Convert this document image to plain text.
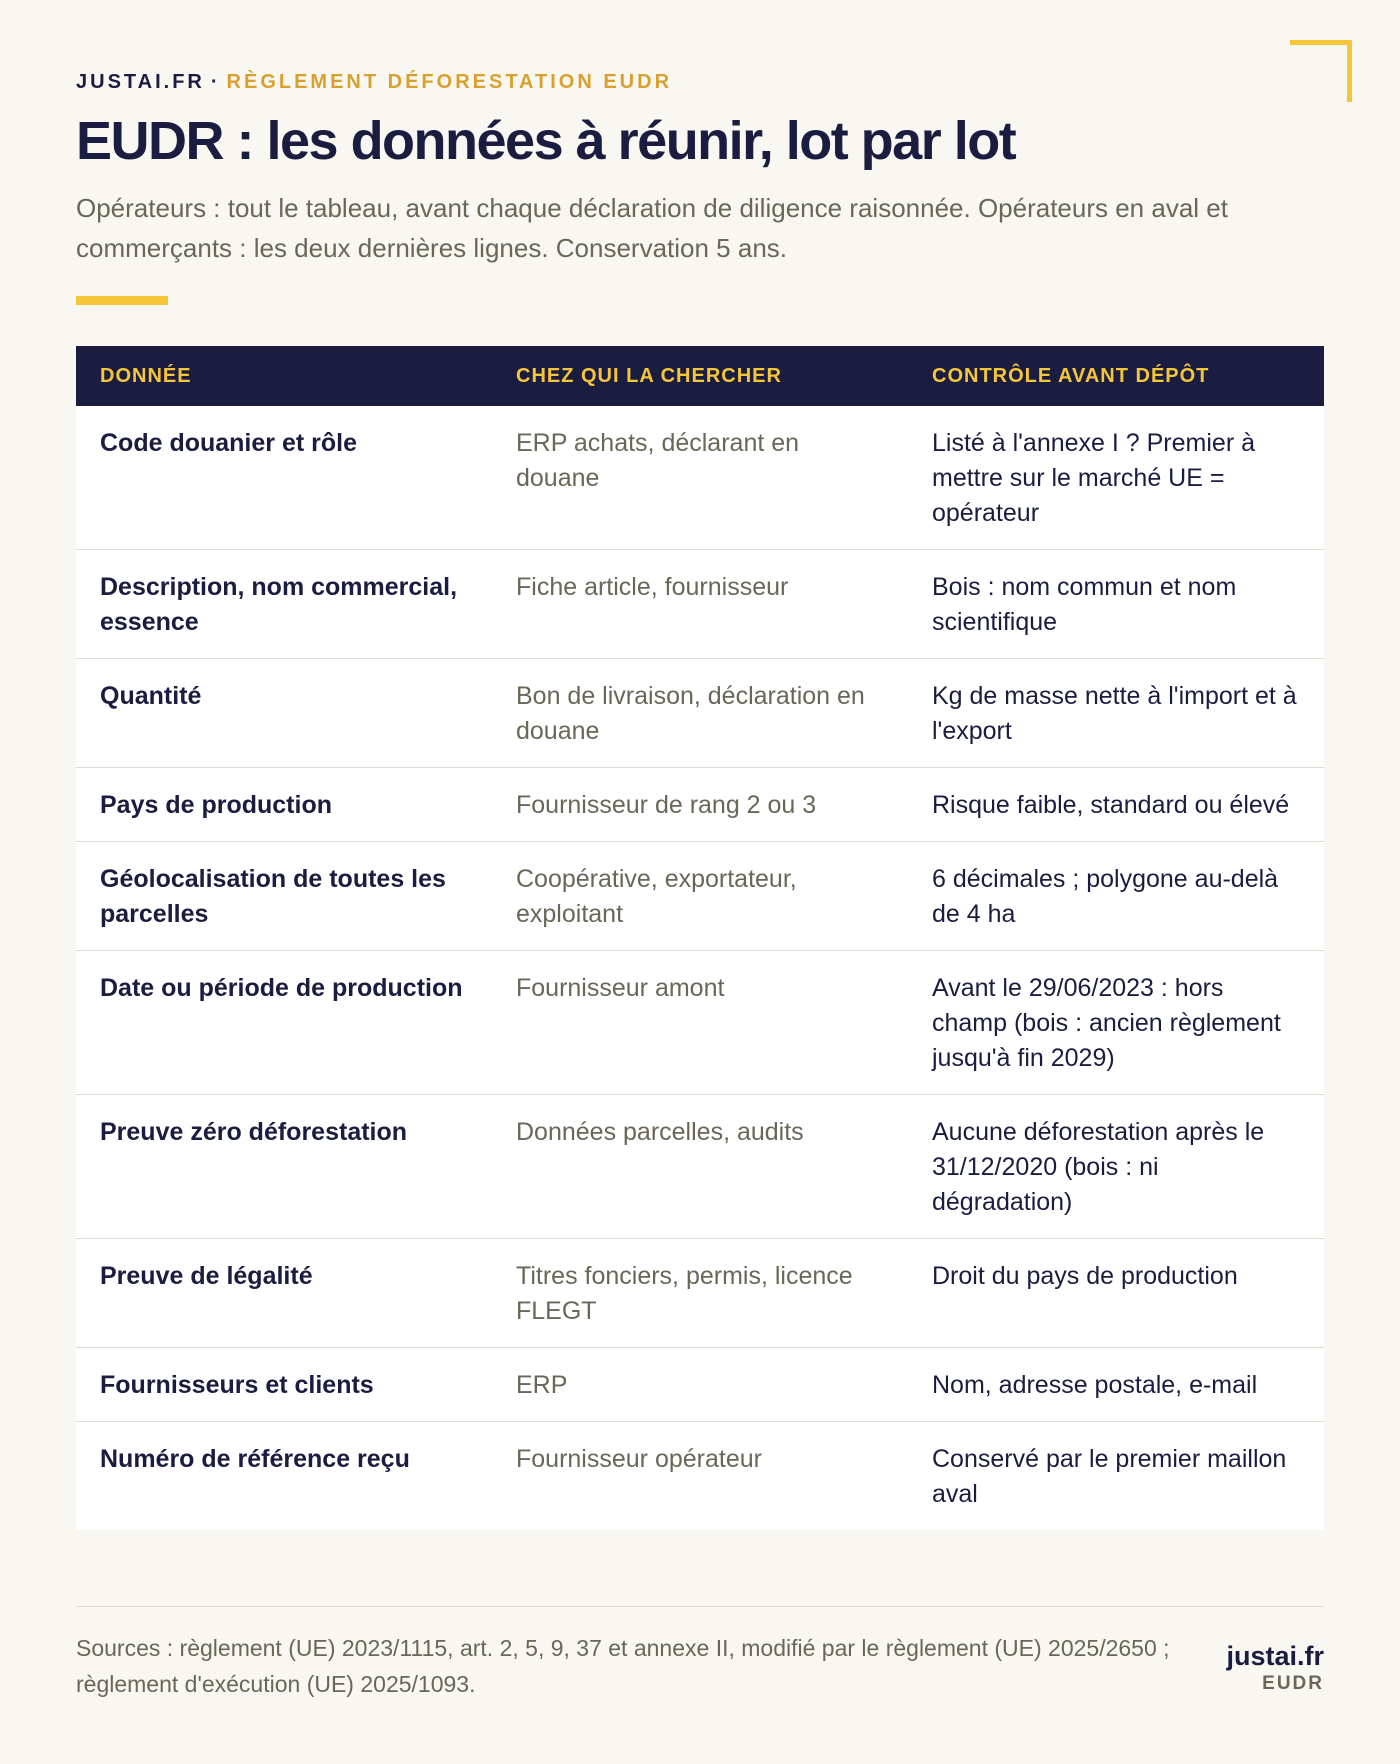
JUSTAI.FR · RÈGLEMENT DÉFORESTATION EUDR
EUDR : les données à réunir, lot par lot

Opérateurs : tout le tableau, avant chaque déclaration de diligence raisonnée. Opérateurs en aval et commerçants : les deux dernières lignes. Conservation 5 ans.

DONNÉE	CHEZ QUI LA CHERCHER	CONTRÔLE AVANT DÉPÔT
Code douanier et rôle	ERP achats, déclarant en douane	Listé à l'annexe I ? Premier à mettre sur le marché UE = opérateur
Description, nom commercial, essence	Fiche article, fournisseur	Bois : nom commun et nom scientifique
Quantité	Bon de livraison, déclaration en douane	Kg de masse nette à l'import et à l'export
Pays de production	Fournisseur de rang 2 ou 3	Risque faible, standard ou élevé
Géolocalisation de toutes les parcelles	Coopérative, exportateur, exploitant	6 décimales ; polygone au-delà de 4 ha
Date ou période de production	Fournisseur amont	Avant le 29/06/2023 : hors champ (bois : ancien règlement jusqu'à fin 2029)
Preuve zéro déforestation	Données parcelles, audits	Aucune déforestation après le 31/12/2020 (bois : ni dégradation)
Preuve de légalité	Titres fonciers, permis, licence FLEGT	Droit du pays de production
Fournisseurs et clients	ERP	Nom, adresse postale, e-mail
Numéro de référence reçu	Fournisseur opérateur	Conservé par le premier maillon aval

Sources : règlement (UE) 2023/1115, art. 2, 5, 9, 37 et annexe II, modifié par le règlement (UE) 2025/2650 ; règlement d'exécution (UE) 2025/1093.

justai.fr
EUDR
